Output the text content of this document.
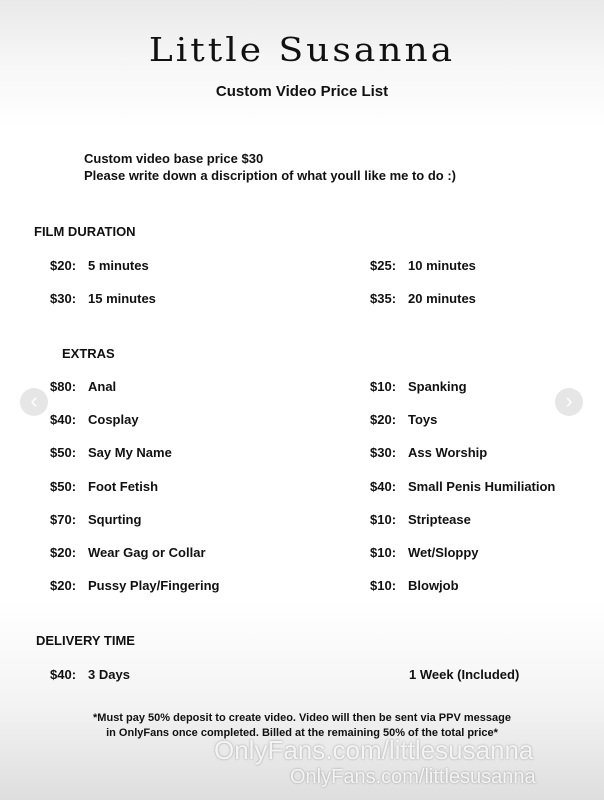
Little Susanna
Custom Video Price List
Custom video base price $30
Please write down a discription of what youll like me to do :)
FILM DURATION
$20: 5 minutes
$30: 15 minutes
$25: 10 minutes
$35: 20 minutes
EXTRAS
$80: Anal
$40: Cosplay
$50: Say My Name
$50: Foot Fetish
$70: Squrting
$20: Wear Gag or Collar
$20: Pussy Play/Fingering
$10: Spanking
$20: Toys
$30: Ass Worship
$40: Small Penis Humiliation
$10: Striptease
$10: Wet/Sloppy
$10: Blowjob
DELIVERY TIME
$40: 3 Days	1 Week (Included)
*Must pay 50% deposit to create video. Video will then be sent via PPV message
in OnlyFans once completed. Billed at the remaining 50% of the total price*
OnlyFans.com/littlesusanna
OnlyFans.com/littlesusanna
‹	›
